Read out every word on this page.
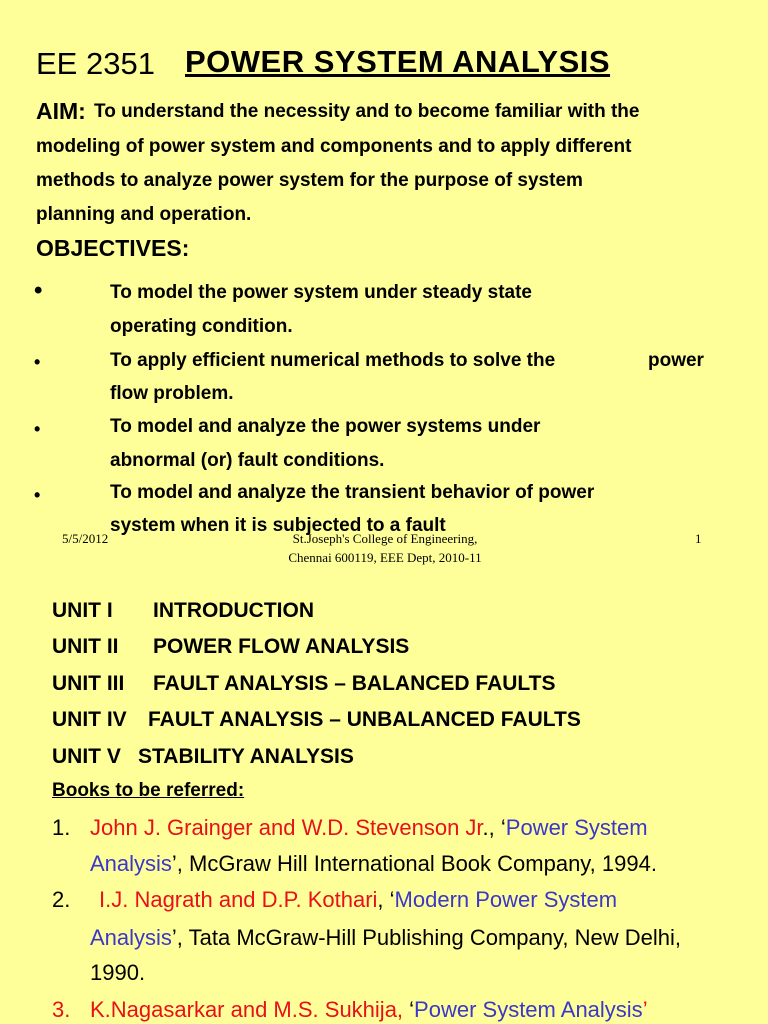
EE 2351 POWER SYSTEM ANALYSIS
AIM: To understand the necessity and to become familiar with the
modeling of power system and components and to apply different
methods to analyze power system for the purpose of system
planning and operation.
OBJECTIVES:
•	To model the power system under steady state
operating condition.
•	To apply efficient numerical methods to solve the	power
flow problem.
•	To model and analyze the power systems under
abnormal (or) fault conditions.
•	To model and analyze the transient behavior of power
system when it is subjected to a fault
5/5/2012	St.Joseph's College of Engineering,
Chennai 600119, EEE Dept, 2010-11
1
UNIT I INTRODUCTION
UNIT II POWER FLOW ANALYSIS
UNIT III FAULT ANALYSIS – BALANCED FAULTS
UNIT IV FAULT ANALYSIS – UNBALANCED FAULTS
UNIT V STABILITY ANALYSIS
Books to be referred:
1. John J. Grainger and W.D. Stevenson Jr., ‘Power System
Analysis’, McGraw Hill International Book Company, 1994.
2. I.J. Nagrath and D.P. Kothari, ‘Modern Power System
Analysis’, Tata McGraw-Hill Publishing Company, New Delhi,
1990.
3. K.Nagasarkar and M.S. Sukhija, ‘Power System Analysis’
